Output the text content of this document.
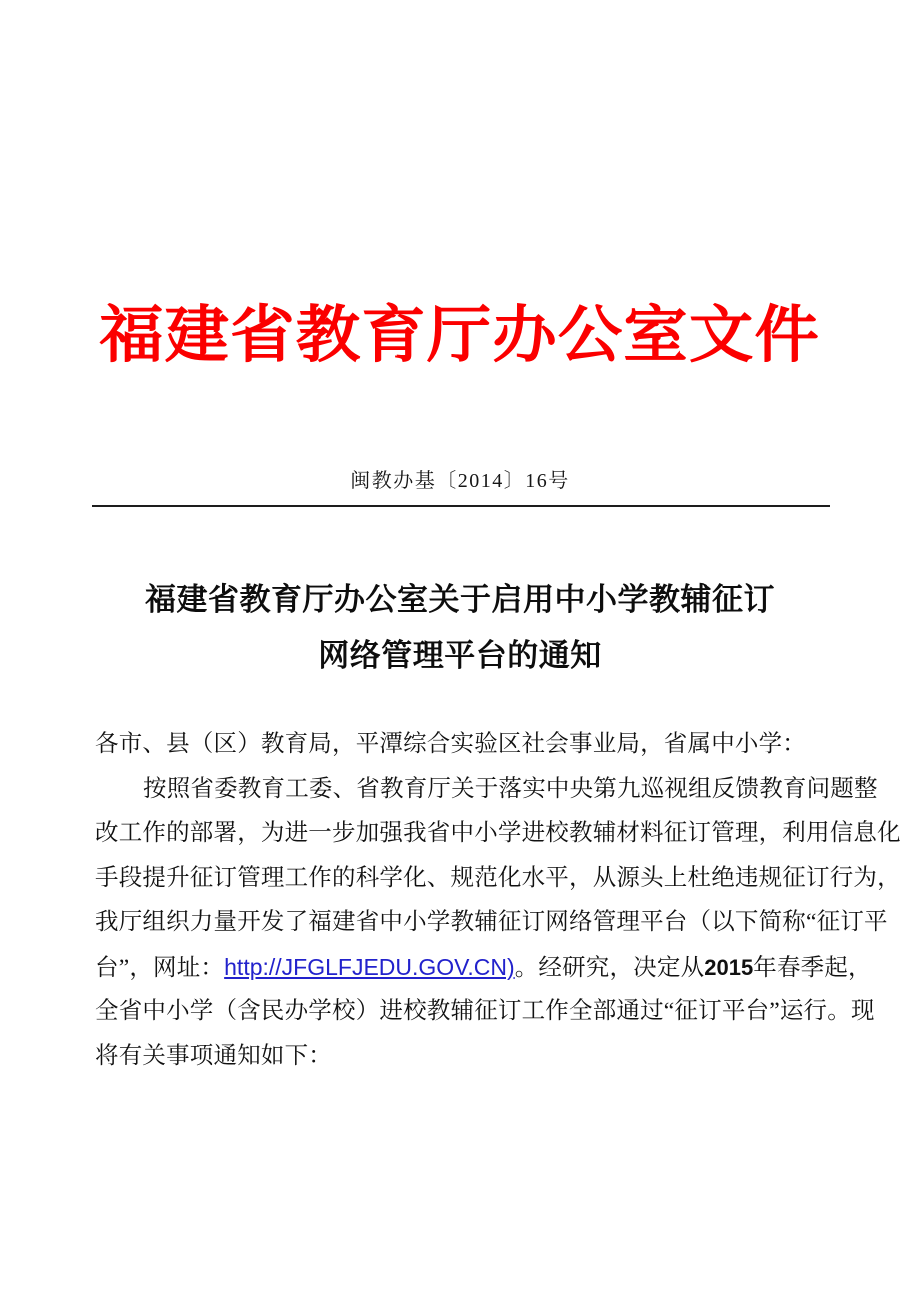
福建省教育厅办公室文件
闽教办基〔2014〕16号
福建省教育厅办公室关于启用中小学教辅征订
网络管理平台的通知
各市、县（区）教育局，平潭综合实验区社会事业局，省属中小学：
按照省委教育工委、省教育厅关于落实中央第九巡视组反馈教育问题整
改工作的部署，为进一步加强我省中小学进校教辅材料征订管理，利用信息化
手段提升征订管理工作的科学化、规范化水平，从源头上杜绝违规征订行为，
我厅组织力量开发了福建省中小学教辅征订网络管理平台（以下简称“征订平
台”，网址：http://JFGLFJEDU.GOV.CN)。经研究，决定从2015年春季起，
全省中小学（含民办学校）进校教辅征订工作全部通过“征订平台”运行。现
将有关事项通知如下：
